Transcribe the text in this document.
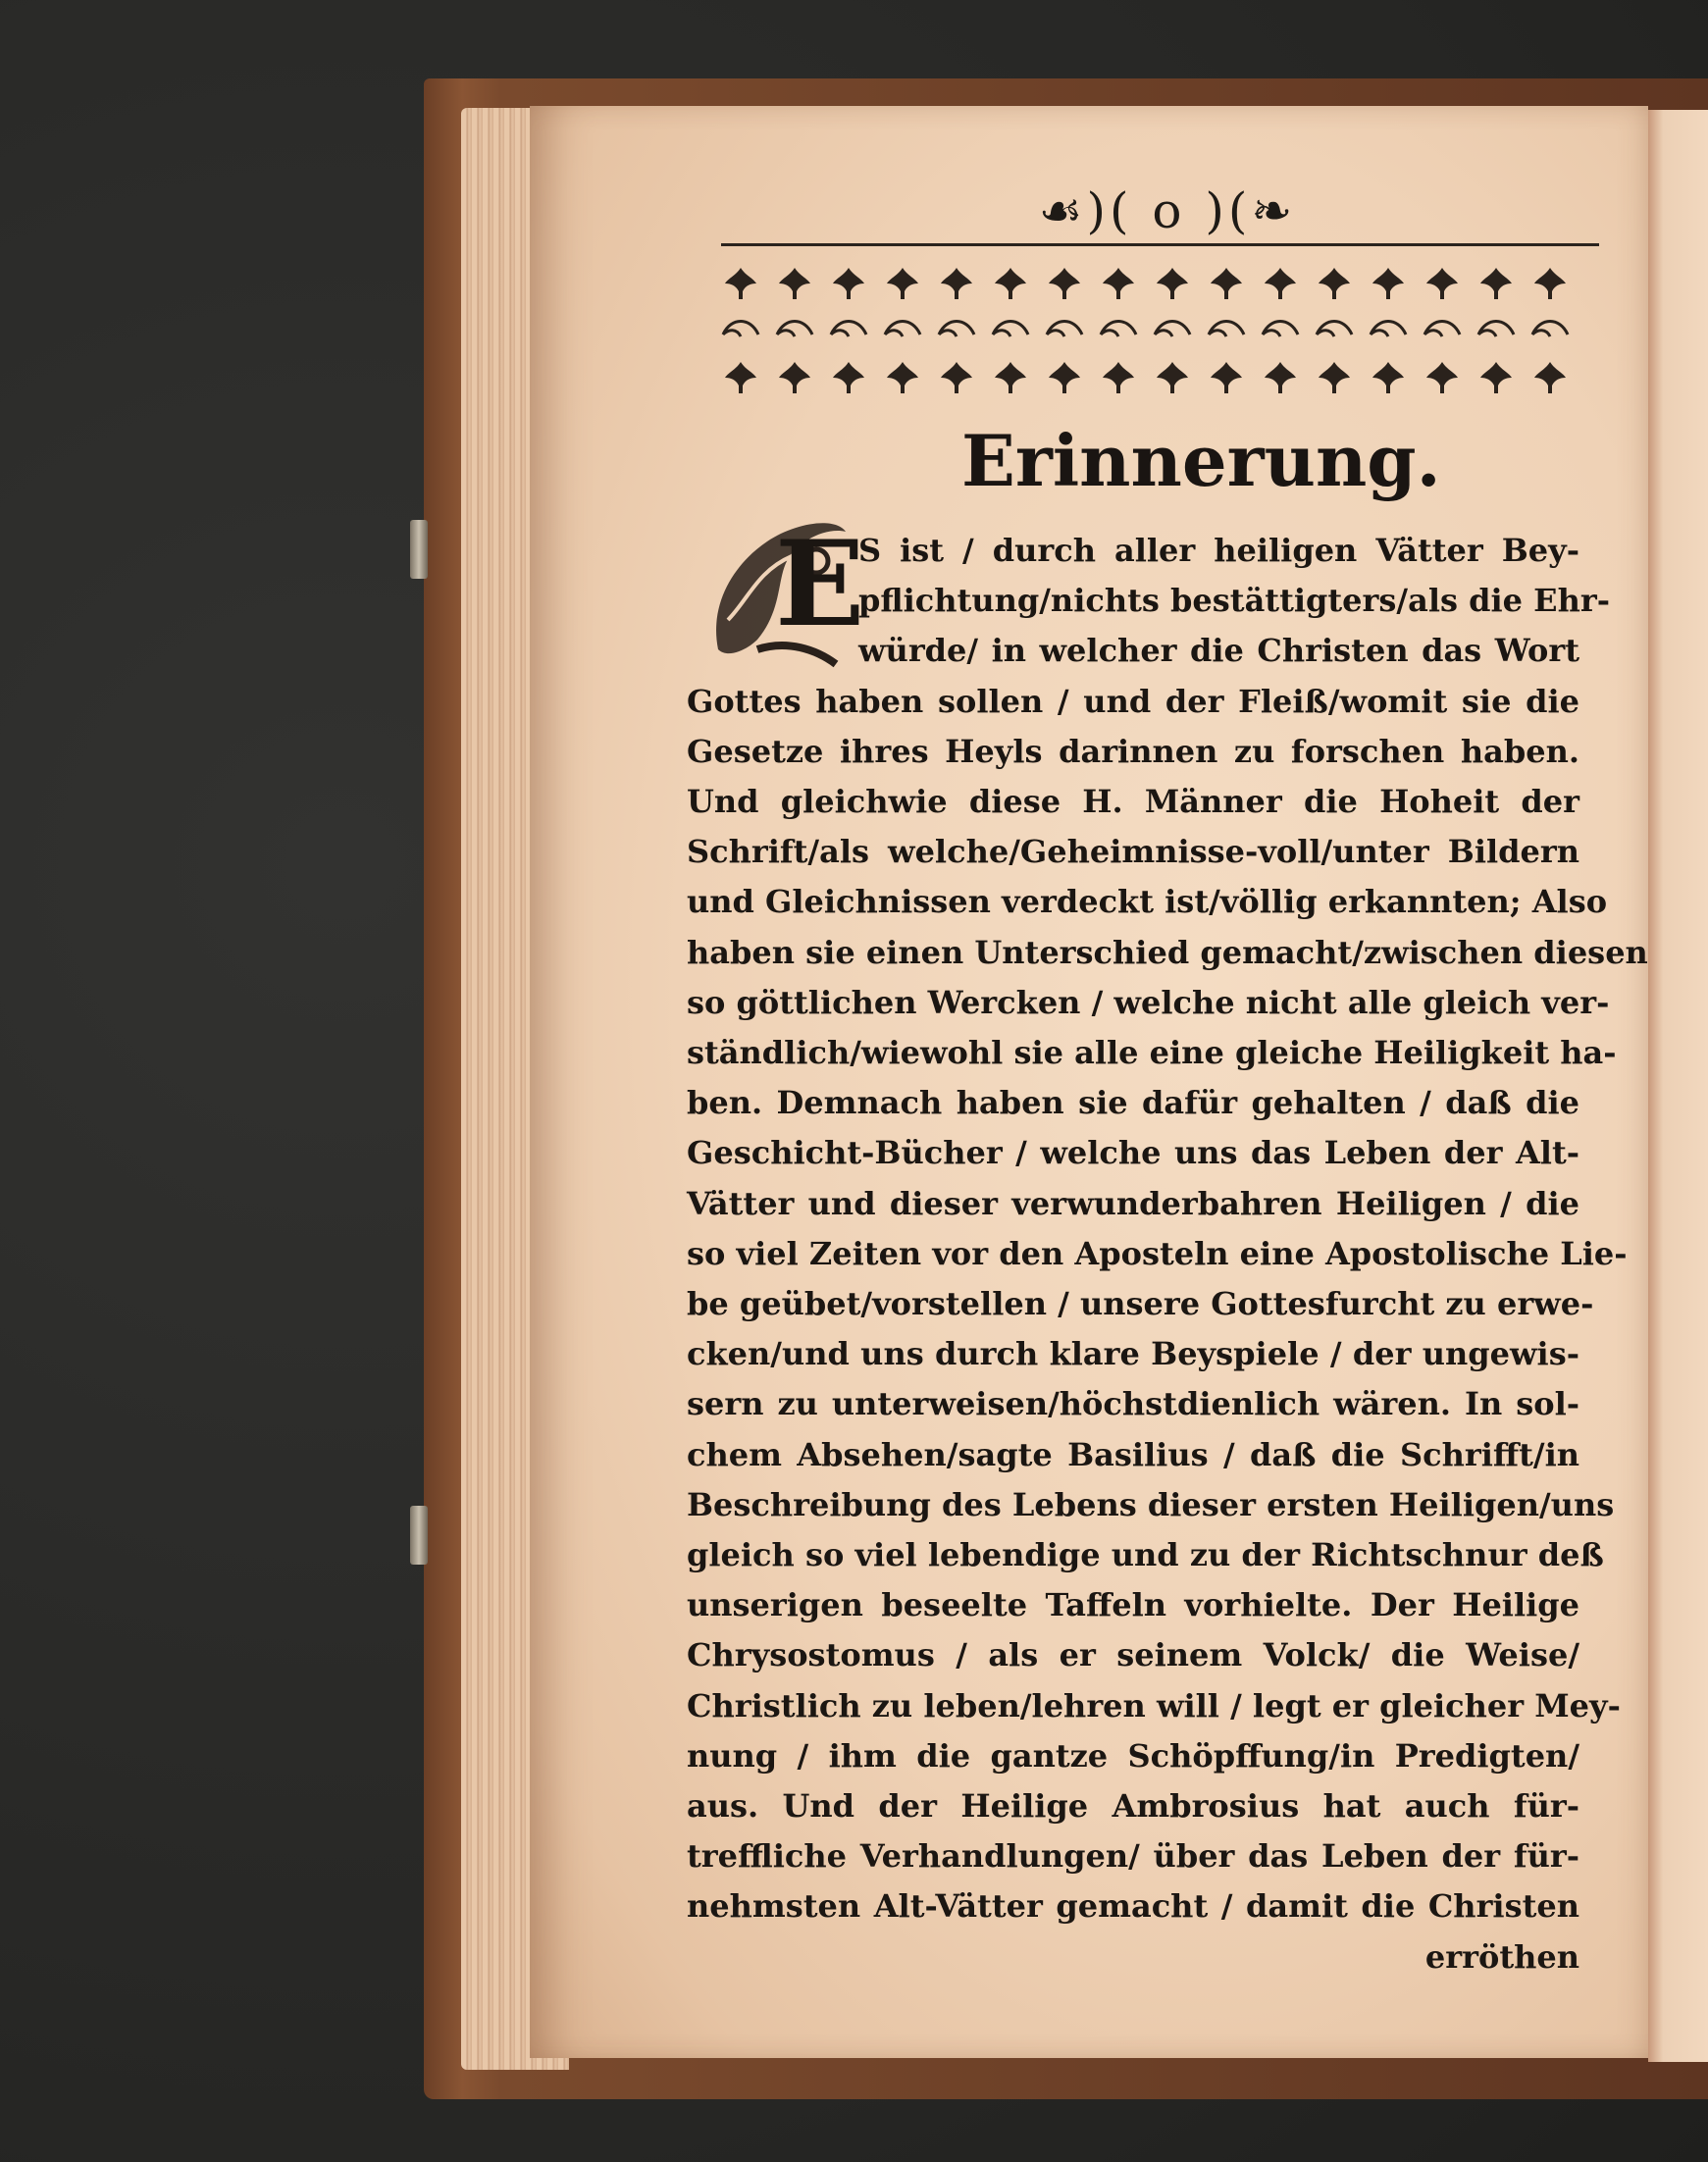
☙)( o )(❧
Erinnerung.
E
S ist / durch aller heiligen Vätter Bey-
pflichtung/nichts bestättigters/als die Ehr-
würde/ in welcher die Christen das Wort
Gottes haben sollen / und der Fleiß/womit sie die
Gesetze ihres Heyls darinnen zu forschen haben.
Und gleichwie diese H. Männer die Hoheit der
Schrift/als welche/Geheimnisse-voll/unter Bildern
und Gleichnissen verdeckt ist/völlig erkannten; Also
haben sie einen Unterschied gemacht/zwischen diesen
so göttlichen Wercken / welche nicht alle gleich ver-
ständlich/wiewohl sie alle eine gleiche Heiligkeit ha-
ben. Demnach haben sie dafür gehalten / daß die
Geschicht-Bücher / welche uns das Leben der Alt-
Vätter und dieser verwunderbahren Heiligen / die
so viel Zeiten vor den Aposteln eine Apostolische Lie-
be geübet/vorstellen / unsere Gottesfurcht zu erwe-
cken/und uns durch klare Beyspiele / der ungewis-
sern zu unterweisen/höchstdienlich wären. In sol-
chem Absehen/sagte Basilius / daß die Schrifft/in
Beschreibung des Lebens dieser ersten Heiligen/uns
gleich so viel lebendige und zu der Richtschnur deß
unserigen beseelte Taffeln vorhielte. Der Heilige
Chrysostomus / als er seinem Volck/ die Weise/
Christlich zu leben/lehren will / legt er gleicher Mey-
nung / ihm die gantze Schöpffung/in Predigten/
aus. Und der Heilige Ambrosius hat auch für-
treffliche Verhandlungen/ über das Leben der für-
nehmsten Alt-Vätter gemacht / damit die Christen
erröthen
